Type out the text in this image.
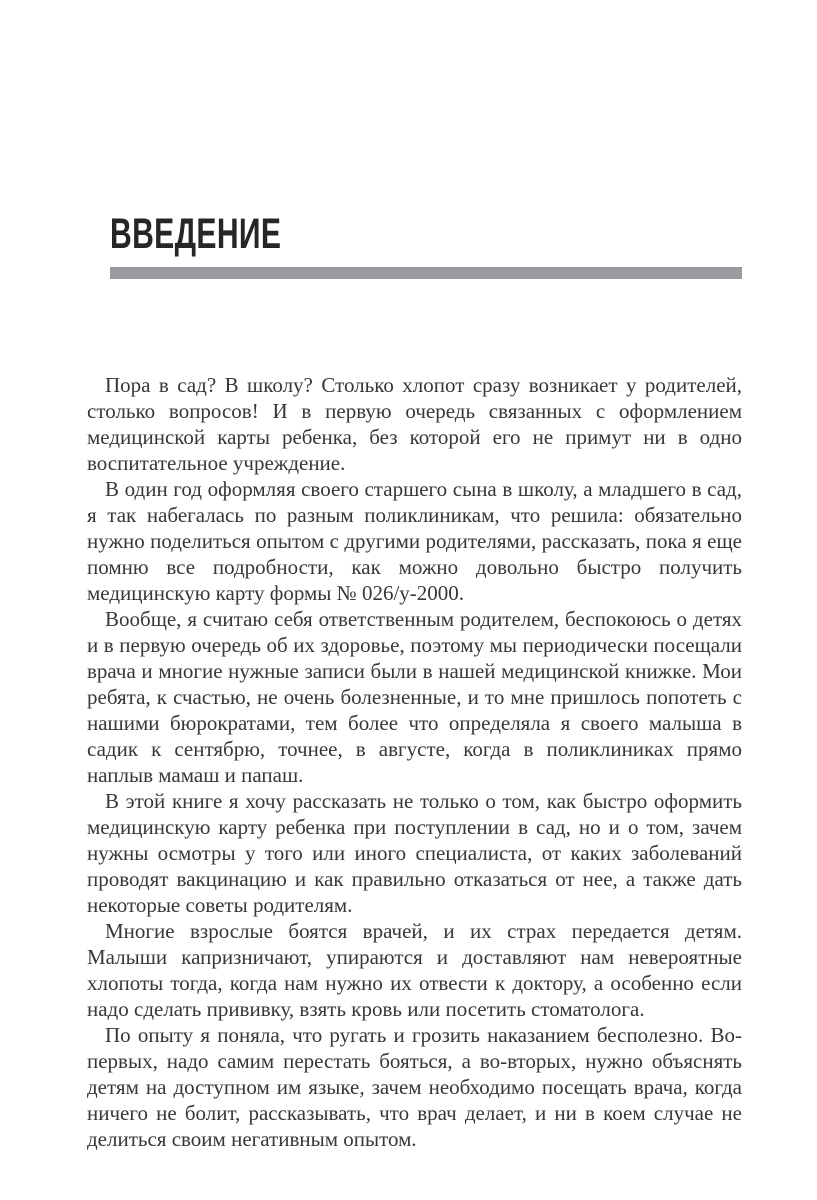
ВВЕДЕНИЕ

Пора в сад? В школу? Столько хлопот сразу возникает у родителей, столько вопросов! И в первую очередь связанных с оформлением медицинской карты ребенка, без которой его не примут ни в одно воспитательное учреждение.

В один год оформляя своего старшего сына в школу, а младшего в сад, я так набегалась по разным поликлиникам, что решила: обязательно нужно поделиться опытом с другими родителями, рассказать, пока я еще помню все подробности, как можно довольно быстро получить медицинскую карту формы № 026/у-2000.

Вообще, я считаю себя ответственным родителем, беспокоюсь о детях и в первую очередь об их здоровье, поэтому мы периодически посещали врача и многие нужные записи были в нашей медицинской книжке. Мои ребята, к счастью, не очень болезненные, и то мне пришлось попотеть с нашими бюрократами, тем более что определяла я своего малыша в садик к сентябрю, точнее, в августе, когда в поликлиниках прямо наплыв мамаш и папаш.

В этой книге я хочу рассказать не только о том, как быстро оформить медицинскую карту ребенка при поступлении в сад, но и о том, зачем нужны осмотры у того или иного специалиста, от каких заболеваний проводят вакцинацию и как правильно отказаться от нее, а также дать некоторые советы родителям.

Многие взрослые боятся врачей, и их страх передается детям. Малыши капризничают, упираются и доставляют нам невероятные хлопоты тогда, когда нам нужно их отвести к доктору, а особенно если надо сделать прививку, взять кровь или посетить стоматолога.

По опыту я поняла, что ругать и грозить наказанием бесполезно. Во-первых, надо самим перестать бояться, а во-вторых, нужно объяснять детям на доступном им языке, зачем необходимо посещать врача, когда ничего не болит, рассказывать, что врач делает, и ни в коем случае не делиться своим негативным опытом.
